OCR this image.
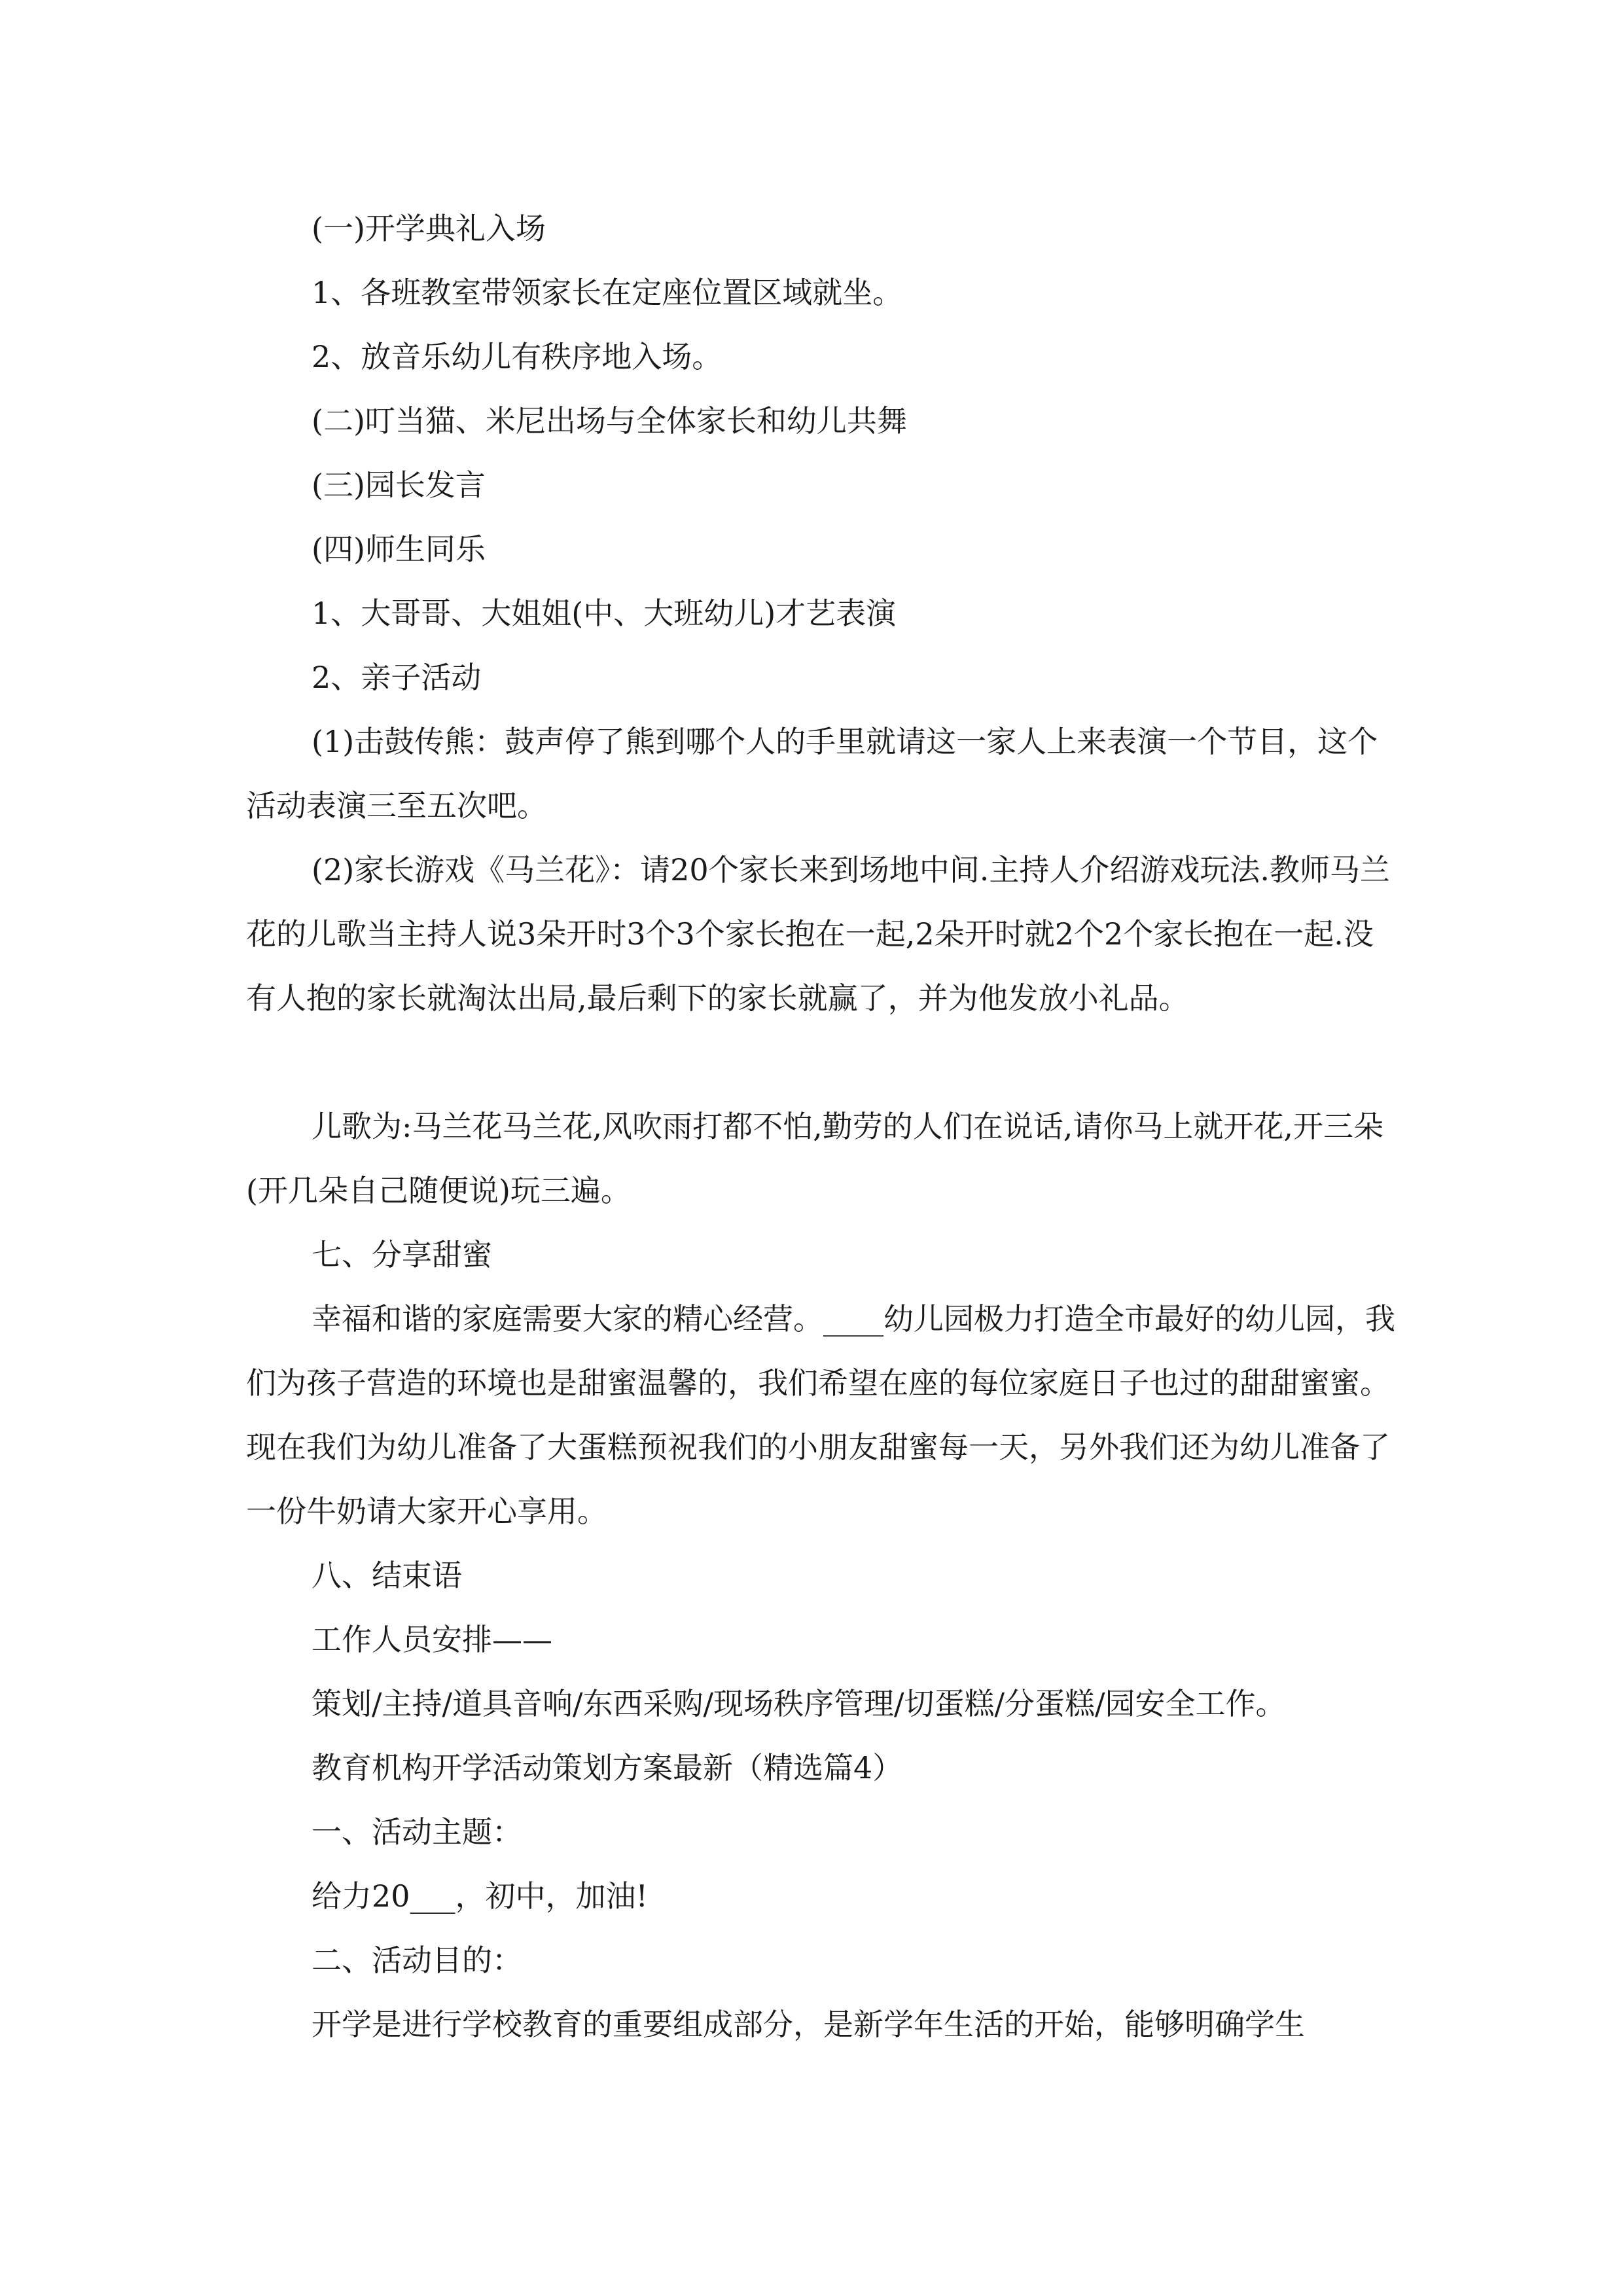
(一)开学典礼入场

1、各班教室带领家长在定座位置区域就坐。

2、放音乐幼儿有秩序地入场。

(二)叮当猫、米尼出场与全体家长和幼儿共舞

(三)园长发言

(四)师生同乐

1、大哥哥、大姐姐(中、大班幼儿)才艺表演

2、亲子活动

(1)击鼓传熊：鼓声停了熊到哪个人的手里就请这一家人上来表演一个节目，这个活动表演三至五次吧。

(2)家长游戏《马兰花》：请20个家长来到场地中间.主持人介绍游戏玩法.教师马兰花的儿歌当主持人说3朵开时3个3个家长抱在一起,2朵开时就2个2个家长抱在一起.没有人抱的家长就淘汰出局,最后剩下的家长就赢了，并为他发放小礼品。

儿歌为:马兰花马兰花,风吹雨打都不怕,勤劳的人们在说话,请你马上就开花,开三朵(开几朵自己随便说)玩三遍。

七、分享甜蜜

幸福和谐的家庭需要大家的精心经营。____幼儿园极力打造全市最好的幼儿园，我们为孩子营造的环境也是甜蜜温馨的，我们希望在座的每位家庭日子也过的甜甜蜜蜜。现在我们为幼儿准备了大蛋糕预祝我们的小朋友甜蜜每一天，另外我们还为幼儿准备了一份牛奶请大家开心享用。

八、结束语

工作人员安排——

策划/主持/道具音响/东西采购/现场秩序管理/切蛋糕/分蛋糕/园安全工作。

教育机构开学活动策划方案最新（精选篇4）

一、活动主题：

给力20___，初中，加油!

二、活动目的：

开学是进行学校教育的重要组成部分，是新学年生活的开始，能够明确学生
